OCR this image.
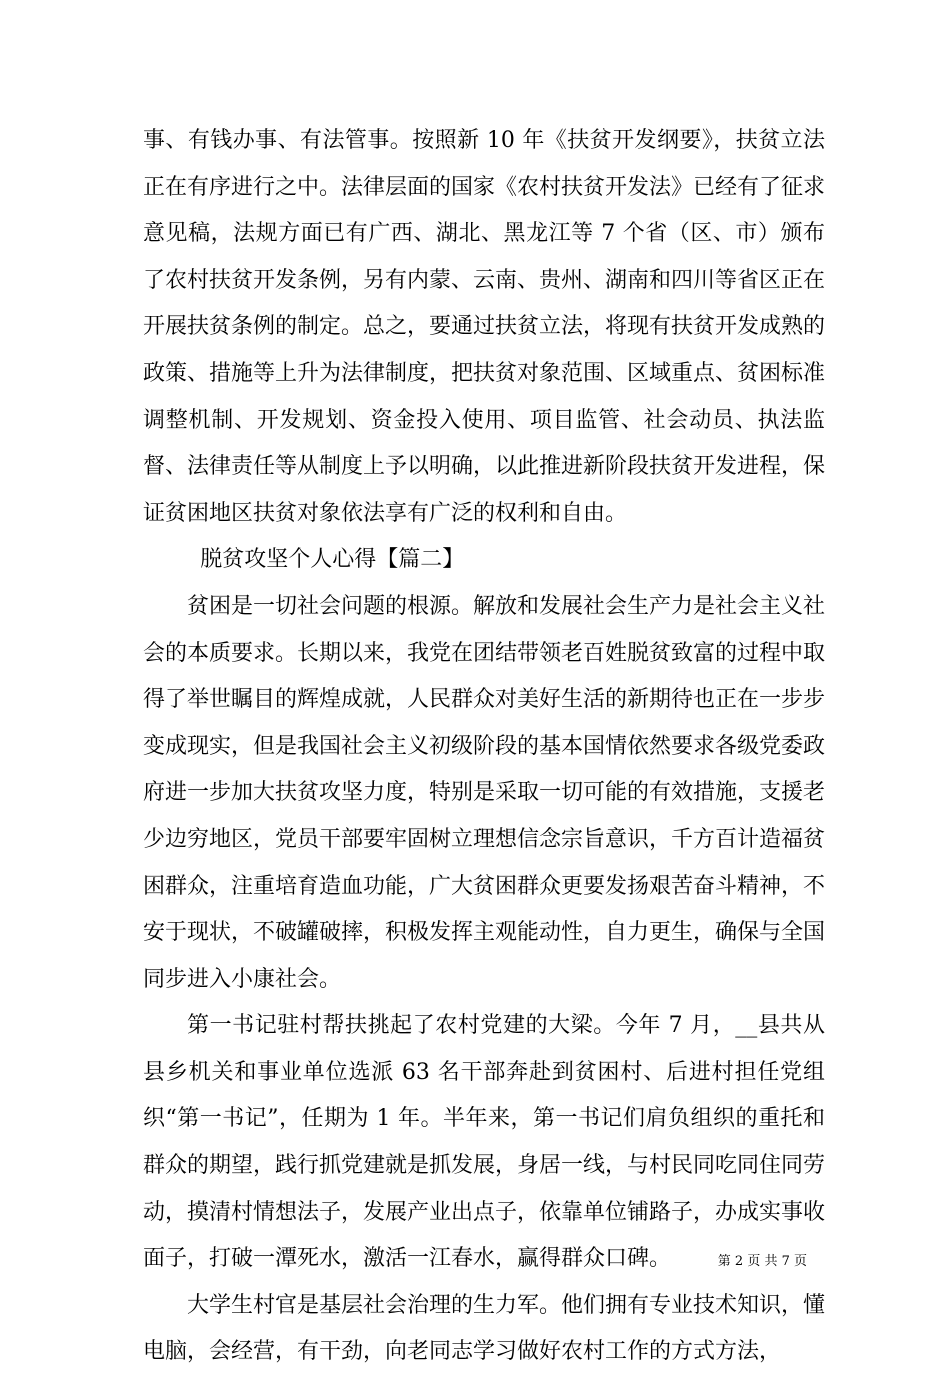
事、有钱办事、有法管事。按照新 10 年《扶贫开发纲要》，扶贫立法正在有序进行之中。法律层面的国家《农村扶贫开发法》已经有了征求意见稿，法规方面已有广西、湖北、黑龙江等 7 个省（区、市）颁布了农村扶贫开发条例，另有内蒙、云南、贵州、湖南和四川等省区正在开展扶贫条例的制定。总之，要通过扶贫立法，将现有扶贫开发成熟的政策、措施等上升为法律制度，把扶贫对象范围、区域重点、贫困标准调整机制、开发规划、资金投入使用、项目监管、社会动员、执法监督、法律责任等从制度上予以明确，以此推进新阶段扶贫开发进程，保证贫困地区扶贫对象依法享有广泛的权利和自由。

脱贫攻坚个人心得【篇二】

贫困是一切社会问题的根源。解放和发展社会生产力是社会主义社会的本质要求。长期以来，我党在团结带领老百姓脱贫致富的过程中取得了举世瞩目的辉煌成就，人民群众对美好生活的新期待也正在一步步变成现实，但是我国社会主义初级阶段的基本国情依然要求各级党委政府进一步加大扶贫攻坚力度，特别是采取一切可能的有效措施，支援老少边穷地区，党员干部要牢固树立理想信念宗旨意识，千方百计造福贫困群众，注重培育造血功能，广大贫困群众更要发扬艰苦奋斗精神，不安于现状，不破罐破摔，积极发挥主观能动性，自力更生，确保与全国同步进入小康社会。

第一书记驻村帮扶挑起了农村党建的大梁。今年 7 月，__县共从县乡机关和事业单位选派 63 名干部奔赴到贫困村、后进村担任党组织“第一书记”，任期为 1 年。半年来，第一书记们肩负组织的重托和群众的期望，践行抓党建就是抓发展，身居一线，与村民同吃同住同劳动，摸清村情想法子，发展产业出点子，依靠单位铺路子，办成实事收面子，打破一潭死水，激活一江春水，赢得群众口碑。

大学生村官是基层社会治理的生力军。他们拥有专业技术知识，懂电脑，会经营，有干劲，向老同志学习做好农村工作的方式方法，

第 2 页 共 7 页
